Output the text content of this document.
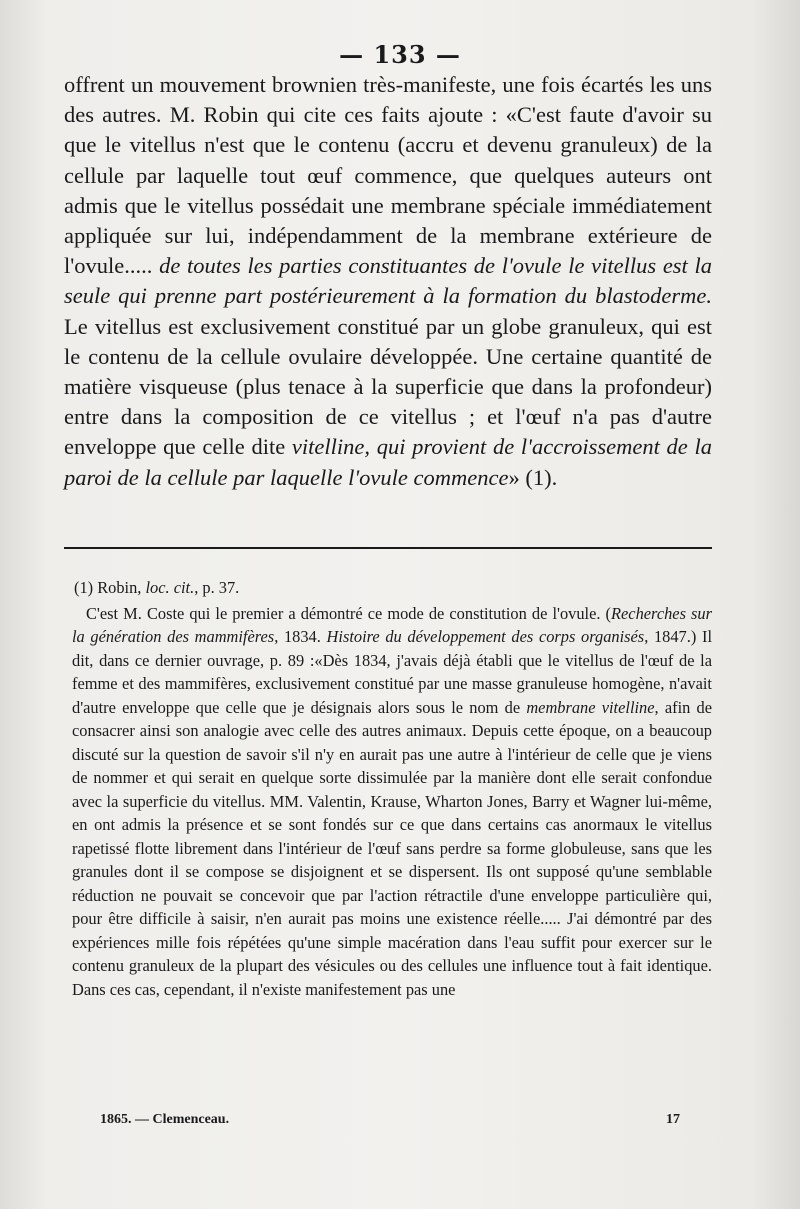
— 133 —

offrent un mouvement brownien très-manifeste, une fois écartés les uns des autres. M. Robin qui cite ces faits ajoute : «C'est faute d'avoir su que le vitellus n'est que le contenu (accru et devenu granuleux) de la cellule par laquelle tout œuf commence, que quelques auteurs ont admis que le vitellus possédait une membrane spéciale immédiatement appliquée sur lui, indépendamment de la membrane extérieure de l'ovule..... de toutes les parties constituantes de l'ovule le vitellus est la seule qui prenne part postérieurement à la formation du blastoderme. Le vitellus est exclusivement constitué par un globe granuleux, qui est le contenu de la cellule ovulaire développée. Une certaine quantité de matière visqueuse (plus tenace à la superficie que dans la profondeur) entre dans la composition de ce vitellus ; et l'œuf n'a pas d'autre enveloppe que celle dite vitelline, qui provient de l'accroissement de la paroi de la cellule par laquelle l'ovule commence» (1).

(1) Robin, loc. cit., p. 37.

C'est M. Coste qui le premier a démontré ce mode de constitution de l'ovule. (Recherches sur la génération des mammifères, 1834. Histoire du développement des corps organisés, 1847.) Il dit, dans ce dernier ouvrage, p. 89 :«Dès 1834, j'avais déjà établi que le vitellus de l'œuf de la femme et des mammifères, exclusivement constitué par une masse granuleuse homogène, n'avait d'autre enveloppe que celle que je désignais alors sous le nom de membrane vitelline, afin de consacrer ainsi son analogie avec celle des autres animaux. Depuis cette époque, on a beaucoup discuté sur la question de savoir s'il n'y en aurait pas une autre à l'intérieur de celle que je viens de nommer et qui serait en quelque sorte dissimulée par la manière dont elle serait confondue avec la superficie du vitellus. MM. Valentin, Krause, Wharton Jones, Barry et Wagner lui-même, en ont admis la présence et se sont fondés sur ce que dans certains cas anormaux le vitellus rapetissé flotte librement dans l'intérieur de l'œuf sans perdre sa forme globuleuse, sans que les granules dont il se compose se disjoignent et se dispersent. Ils ont supposé qu'une semblable réduction ne pouvait se concevoir que par l'action rétractile d'une enveloppe particulière qui, pour être difficile à saisir, n'en aurait pas moins une existence réelle..... J'ai démontré par des expériences mille fois répétées qu'une simple macération dans l'eau suffit pour exercer sur le contenu granuleux de la plupart des vésicules ou des cellules une influence tout à fait identique. Dans ces cas, cependant, il n'existe manifestement pas une

1865. — Clemenceau.	17
